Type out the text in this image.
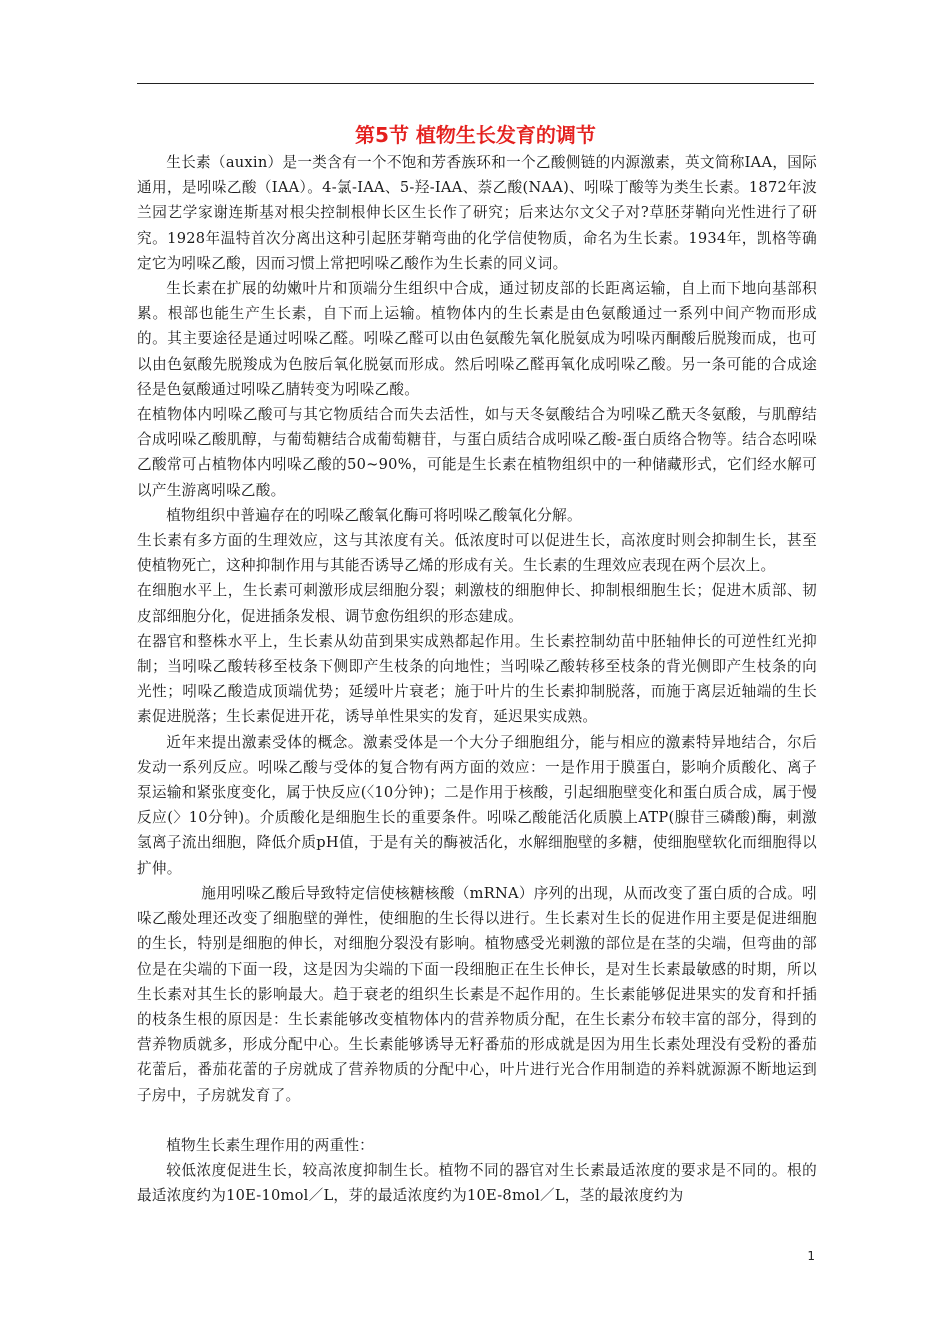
第5节 植物生长发育的调节

生长素（auxin）是一类含有一个不饱和芳香族环和一个乙酸侧链的内源激素，英文简称IAA，国际通用，是吲哚乙酸（IAA）。4-氯-IAA、5-羟-IAA、萘乙酸(NAA)、吲哚丁酸等为类生长素。1872年波兰园艺学家谢连斯基对根尖控制根伸长区生长作了研究；后来达尔文父子对?草胚芽鞘向光性进行了研究。1928年温特首次分离出这种引起胚芽鞘弯曲的化学信使物质，命名为生长素。1934年，凯格等确定它为吲哚乙酸，因而习惯上常把吲哚乙酸作为生长素的同义词。

生长素在扩展的幼嫩叶片和顶端分生组织中合成，通过韧皮部的长距离运输，自上而下地向基部积累。根部也能生产生长素，自下而上运输。植物体内的生长素是由色氨酸通过一系列中间产物而形成的。其主要途径是通过吲哚乙醛。吲哚乙醛可以由色氨酸先氧化脱氨成为吲哚丙酮酸后脱羧而成，也可以由色氨酸先脱羧成为色胺后氧化脱氨而形成。然后吲哚乙醛再氧化成吲哚乙酸。另一条可能的合成途径是色氨酸通过吲哚乙腈转变为吲哚乙酸。

在植物体内吲哚乙酸可与其它物质结合而失去活性，如与天冬氨酸结合为吲哚乙酰天冬氨酸，与肌醇结合成吲哚乙酸肌醇，与葡萄糖结合成葡萄糖苷，与蛋白质结合成吲哚乙酸-蛋白质络合物等。结合态吲哚乙酸常可占植物体内吲哚乙酸的50~90%，可能是生长素在植物组织中的一种储藏形式，它们经水解可以产生游离吲哚乙酸。

植物组织中普遍存在的吲哚乙酸氧化酶可将吲哚乙酸氧化分解。

生长素有多方面的生理效应，这与其浓度有关。低浓度时可以促进生长，高浓度时则会抑制生长，甚至使植物死亡，这种抑制作用与其能否诱导乙烯的形成有关。生长素的生理效应表现在两个层次上。

在细胞水平上，生长素可刺激形成层细胞分裂；刺激枝的细胞伸长、抑制根细胞生长；促进木质部、韧皮部细胞分化，促进插条发根、调节愈伤组织的形态建成。

在器官和整株水平上，生长素从幼苗到果实成熟都起作用。生长素控制幼苗中胚轴伸长的可逆性红光抑制；当吲哚乙酸转移至枝条下侧即产生枝条的向地性；当吲哚乙酸转移至枝条的背光侧即产生枝条的向光性；吲哚乙酸造成顶端优势；延缓叶片衰老；施于叶片的生长素抑制脱落，而施于离层近轴端的生长素促进脱落；生长素促进开花，诱导单性果实的发育，延迟果实成熟。

近年来提出激素受体的概念。激素受体是一个大分子细胞组分，能与相应的激素特异地结合，尔后发动一系列反应。吲哚乙酸与受体的复合物有两方面的效应：一是作用于膜蛋白，影响介质酸化、离子泵运输和紧张度变化，属于快反应(〈10分钟)；二是作用于核酸，引起细胞壁变化和蛋白质合成，属于慢反应(〉10分钟)。介质酸化是细胞生长的重要条件。吲哚乙酸能活化质膜上ATP(腺苷三磷酸)酶，刺激氢离子流出细胞，降低介质pH值，于是有关的酶被活化，水解细胞壁的多糖，使细胞壁软化而细胞得以扩伸。

施用吲哚乙酸后导致特定信使核糖核酸（mRNA）序列的出现，从而改变了蛋白质的合成。吲哚乙酸处理还改变了细胞壁的弹性，使细胞的生长得以进行。生长素对生长的促进作用主要是促进细胞的生长，特别是细胞的伸长，对细胞分裂没有影响。植物感受光刺激的部位是在茎的尖端，但弯曲的部位是在尖端的下面一段，这是因为尖端的下面一段细胞正在生长伸长，是对生长素最敏感的时期，所以生长素对其生长的影响最大。趋于衰老的组织生长素是不起作用的。生长素能够促进果实的发育和扦插的枝条生根的原因是：生长素能够改变植物体内的营养物质分配，在生长素分布较丰富的部分，得到的营养物质就多，形成分配中心。生长素能够诱导无籽番茄的形成就是因为用生长素处理没有受粉的番茄花蕾后，番茄花蕾的子房就成了营养物质的分配中心，叶片进行光合作用制造的养料就源源不断地运到子房中，子房就发育了。

植物生长素生理作用的两重性：

较低浓度促进生长，较高浓度抑制生长。植物不同的器官对生长素最适浓度的要求是不同的。根的最适浓度约为10E-10mol／L，芽的最适浓度约为10E-8mol／L，茎的最浓度约为

1
